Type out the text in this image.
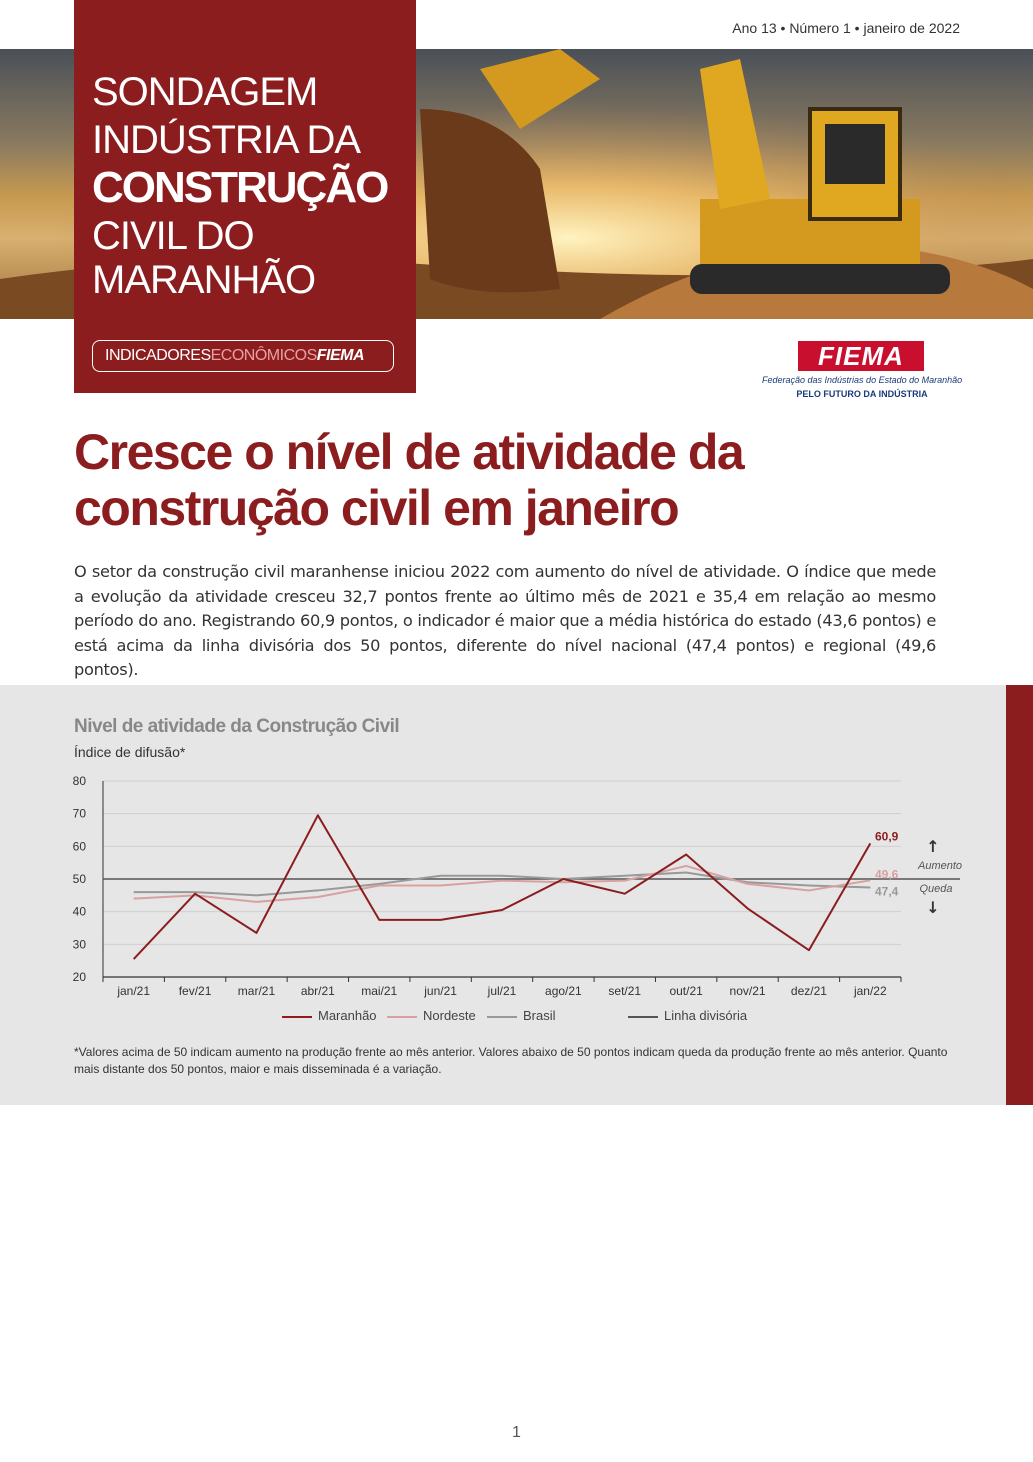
Ano 13 • Número 1 • janeiro de 2022
SONDAGEM
INDÚSTRIA DA
CONSTRUÇÃO
CIVIL DO
MARANHÃO
INDICADORESECONÔMICOSFIEMA	FIEMA
Federação das Indústrias do Estado do Maranhão
PELO FUTURO DA INDÚSTRIA
Cresce o nível de atividade da construção civil em janeiro
O setor da construção civil maranhense iniciou 2022 com aumento do nível de atividade. O índice que mede a evolução da atividade cresceu 32,7 pontos frente ao último mês de 2021 e 35,4 em relação ao mesmo período do ano. Registrando 60,9 pontos, o indicador é maior que a média histórica do estado (43,6 pontos) e está acima da linha divisória dos 50 pontos, diferente do nível nacional (47,4 pontos) e regional (49,6 pontos).
Nivel de atividade da Construção Civil
Índice de difusão*
20
30
40
50
60
70
80
jan/21 fev/21 mar/21 abr/21 mai/21 jun/21	jul/21 ago/21 set/21 out/21 nov/21 dez/21 jan/22
47,4
49,6
60,9
↑
Aumento
Queda
↓
Maranhão	Nordeste	Brasil	Linha divisória
*Valores acima de 50 indicam aumento na produção frente ao mês anterior. Valores abaixo de 50 pontos indicam queda da produção frente ao mês anterior. Quanto mais distante dos 50 pontos, maior e mais disseminada é a variação.
1
